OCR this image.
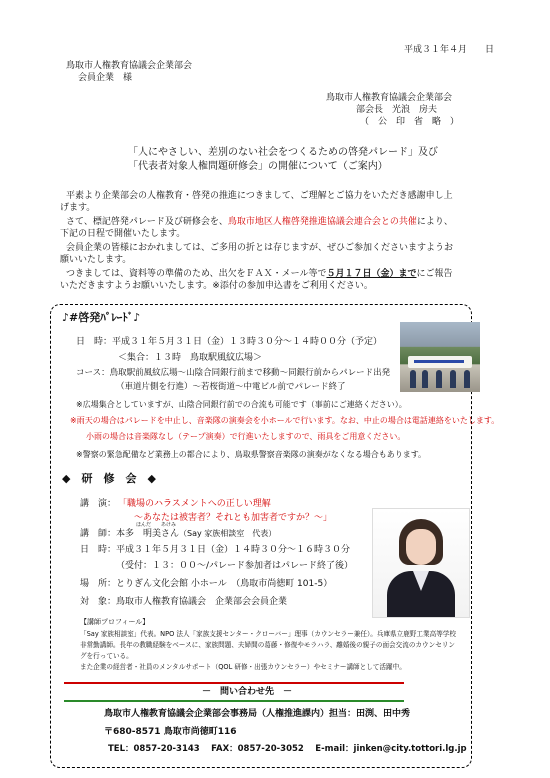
平成３１年４月　　日
鳥取市人権教育協議会企業部会
会員企業　様
鳥取市人権教育協議会企業部会
部会長　光浪　房夫
（　公　印　省　略　）
「人にやさしい、差別のない社会をつくるための啓発パレード」及び
「代表者対象人権問題研修会」の開催について（ご案内）
平素より企業部会の人権教育・啓発の推進につきまして、ご理解とご協力をいただき感謝申し上
げます。
さて、標記啓発パレード及び研修会を、鳥取市地区人権啓発推進協議会連合会との共催により、
下記の日程で開催いたします。
会員企業の皆様におかれましては、ご多用の折とは存じますが、ぜひご参加くださいますようお
願いいたします。
つきましては、資料等の準備のため、出欠をＦＡＸ・メール等で５月１７日（金）までにご報告
いただきますようお願いいたします。※添付の参加申込書をご利用ください。
♪#啓発ﾊﾟﾚｰﾄﾞ♪
日　時：平成３１年５月３１日（金）１３時３０分～１４時００分（予定）
＜集合：１３時　鳥取駅風紋広場＞
コース：鳥取駅前風紋広場～山陰合同銀行前まで移動～同銀行前からパレード出発
（車道片側を行進）～若桜街道～中電ビル前でパレード終了
※広場集合としていますが、山陰合同銀行前での合流も可能です（事前にご連絡ください）。
※雨天の場合はパレードを中止し、音楽隊の演奏会を小ホールで行います。なお、中止の場合は電話連絡をいたします。
小雨の場合は音楽隊なし（テープ演奏）で行進いたしますので、雨具をご用意ください。
※警察の緊急配備など業務上の都合により、鳥取県警察音楽隊の演奏がなくなる場合もあります。
◆　研　修　会　◆
講　演： 「職場のハラスメントへの正しい理解
～あなたは被害者？それとも加害者ですか？～」
ほんだ　　あけみ
講　師：本多　明美さん（Say 家族相談室　代表）
日　時：平成３１年５月３１日（金）１４時３０分～１６時３０分
（受付：１３：００～/パレード参加者はパレード終了後）
場　所：とりぎん文化会館 小ホール　（鳥取市尚徳町 101-5）
対　象：鳥取市人権教育協議会　企業部会会員企業
【講師プロフィール】
「Say 家族相談室」代表。NPO 法人「家族支援センター・クローバー」理事（カウンセラー兼任）。兵庫県立鹿野工業高等学校
非常勤講師。長年の教職経験をベースに、家族問題、夫婦間の葛藤・修復やモラハラ、離婚後の親子の面会交流のカウンセリン
グを行っている。
また企業の経営者・社員のメンタルサポート（QOL 研修・出張カウンセラー）やセミナー講師として活躍中。
－　問い合わせ先　－
鳥取市人権教育協議会企業部会事務局（人権推進課内）担当：田渕、田中秀
〒680-8571 鳥取市尚徳町116
TEL：0857-20-3143　 FAX：0857-20-3052　 E-mail：jinken@city.tottori.lg.jp
